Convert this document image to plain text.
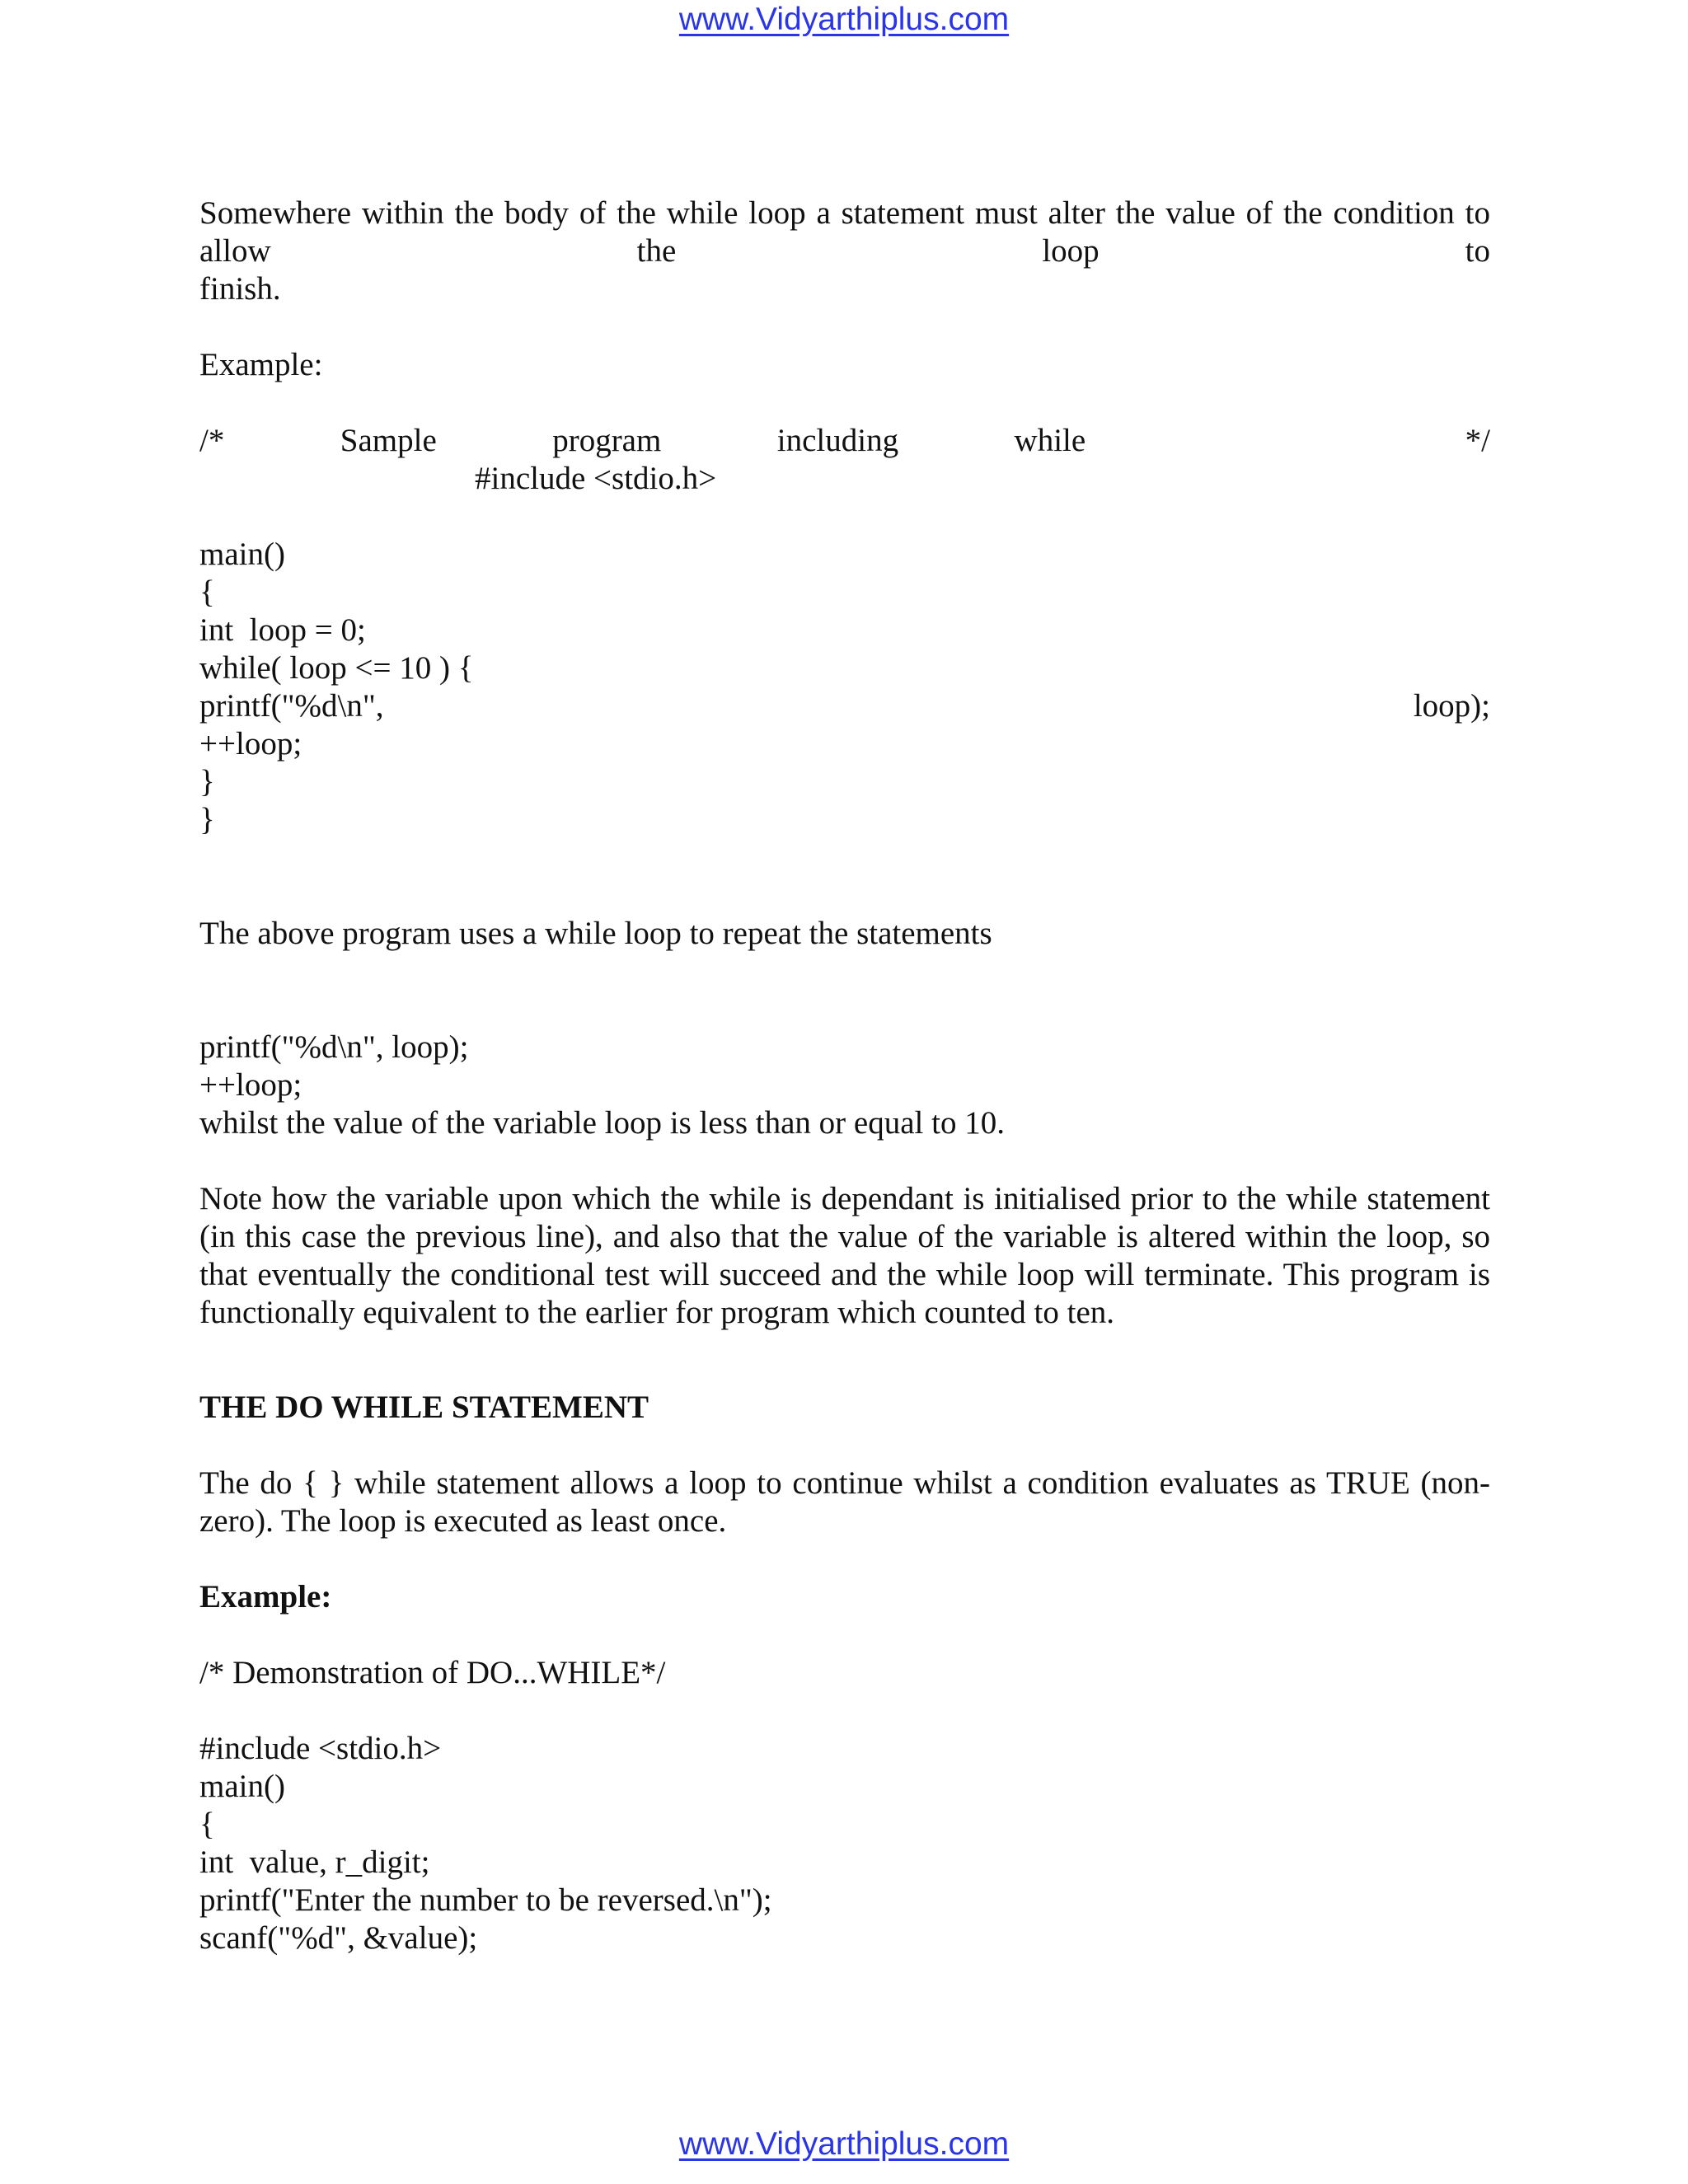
www.Vidyarthiplus.com
Somewhere within the body of the while loop a statement must alter the value of the condition to
allow	the	loop	to
finish.
Example:
/*	Sample	program	including	while	*/
#include <stdio.h>
main()
{
int  loop = 0;
while( loop <= 10 ) {
printf("%d\n",	loop);
++loop;
}
}
The above program uses a while loop to repeat the statements
printf("%d\n", loop);
++loop;
whilst the value of the variable loop is less than or equal to 10.
Note how the variable upon which the while is dependant is initialised prior to the while statement (in this case the previous line), and also that the value of the variable is altered within the loop, so that eventually the conditional test will succeed and the while loop will terminate. This program is functionally equivalent to the earlier for program which counted to ten.
THE DO WHILE STATEMENT
The do { } while statement allows a loop to continue whilst a condition evaluates as TRUE (non-zero). The loop is executed as least once.
Example:
/* Demonstration of DO...WHILE*/
#include <stdio.h>
main()
{
int  value, r_digit;
printf("Enter the number to be reversed.\n");
scanf("%d", &value);
www.Vidyarthiplus.com
